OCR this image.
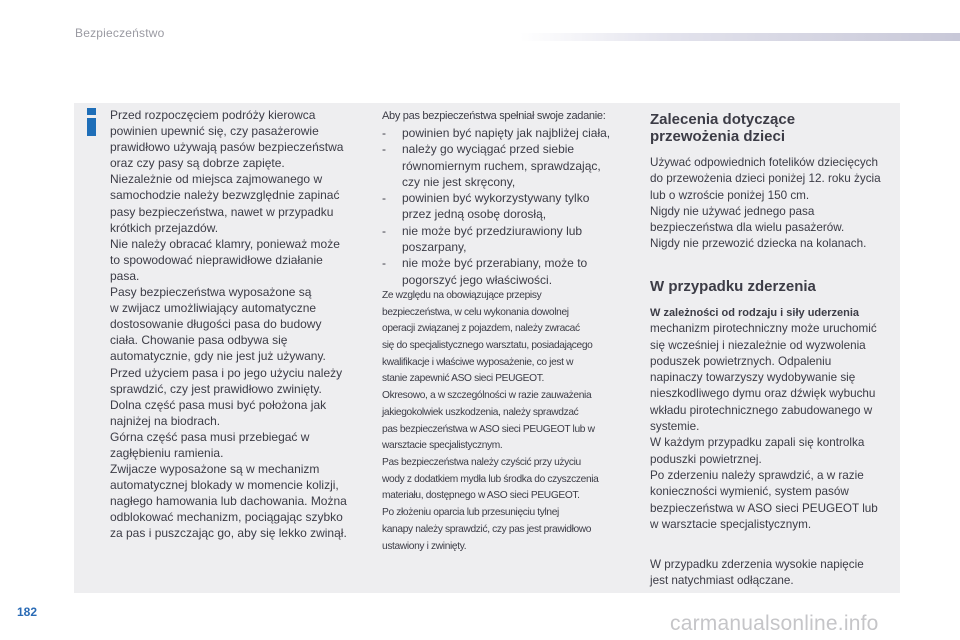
Bezpieczeństwo

Przed rozpoczęciem podróży kierowca

powinien upewnić się, czy pasażerowie

prawidłowo używają pasów bezpieczeństwa

oraz czy pasy są dobrze zapięte.

Niezależnie od miejsca zajmowanego w

samochodzie należy bezwzględnie zapinać

pasy bezpieczeństwa, nawet w przypadku

krótkich przejazdów.

Nie należy obracać klamry, ponieważ może

to spowodować nieprawidłowe działanie

pasa.

Pasy bezpieczeństwa wyposażone są

w zwijacz umożliwiający automatyczne

dostosowanie długości pasa do budowy

ciała. Chowanie pasa odbywa się

automatycznie, gdy nie jest już używany.

Przed użyciem pasa i po jego użyciu należy

sprawdzić, czy jest prawidłowo zwinięty.

Dolna część pasa musi być położona jak

najniżej na biodrach.

Górna część pasa musi przebiegać w

zagłębieniu ramienia.

Zwijacze wyposażone są w mechanizm

automatycznej blokady w momencie kolizji,

nagłego hamowania lub dachowania. Można

odblokować mechanizm, pociągając szybko

za pas i puszczając go, aby się lekko zwinął.

Aby pas bezpieczeństwa spełniał swoje zadanie:

- powinien być napięty jak najbliżej ciała,
- należy go wyciągać przed siebie
równomiernym ruchem, sprawdzając,
czy nie jest skręcony,
- powinien być wykorzystywany tylko
przez jedną osobę dorosłą,
- nie może być przedziurawiony lub
poszarpany,
- nie może być przerabiany, może to
pogorszyć jego właściwości.

Ze względu na obowiązujące przepisy

bezpieczeństwa, w celu wykonania dowolnej

operacji związanej z pojazdem, należy zwracać

się do specjalistycznego warsztatu, posiadającego

kwalifikacje i właściwe wyposażenie, co jest w

stanie zapewnić ASO sieci PEUGEOT.

Okresowo, a w szczególności w razie zauważenia

jakiegokolwiek uszkodzenia, należy sprawdzać

pas bezpieczeństwa w ASO sieci PEUGEOT lub w

warsztacie specjalistycznym.

Pas bezpieczeństwa należy czyścić przy użyciu

wody z dodatkiem mydła lub środka do czyszczenia

materiału, dostępnego w ASO sieci PEUGEOT.

Po złożeniu oparcia lub przesunięciu tylnej

kanapy należy sprawdzić, czy pas jest prawidłowo

ustawiony i zwinięty.

Zalecenia dotyczące
przewożenia dzieci
Używać odpowiednich fotelików dziecięcych
do przewożenia dzieci poniżej 12. roku życia
lub o wzroście poniżej 150 cm.
Nigdy nie używać jednego pasa
bezpieczeństwa dla wielu pasażerów.
Nigdy nie przewozić dziecka na kolanach.
W przypadku zderzenia
W zależności od rodzaju i siły uderzenia
mechanizm pirotechniczny może uruchomić
się wcześniej i niezależnie od wyzwolenia
poduszek powietrznych. Odpaleniu
napinaczy towarzyszy wydobywanie się
nieszkodliwego dymu oraz dźwięk wybuchu
wkładu pirotechnicznego zabudowanego w
systemie.
W każdym przypadku zapali się kontrolka
poduszki powietrznej.
Po zderzeniu należy sprawdzić, a w razie
konieczności wymienić, system pasów
bezpieczeństwa w ASO sieci PEUGEOT lub
w warsztacie specjalistycznym.
W przypadku zderzenia wysokie napięcie
jest natychmiast odłączane.
182	carmanualsonline.info
